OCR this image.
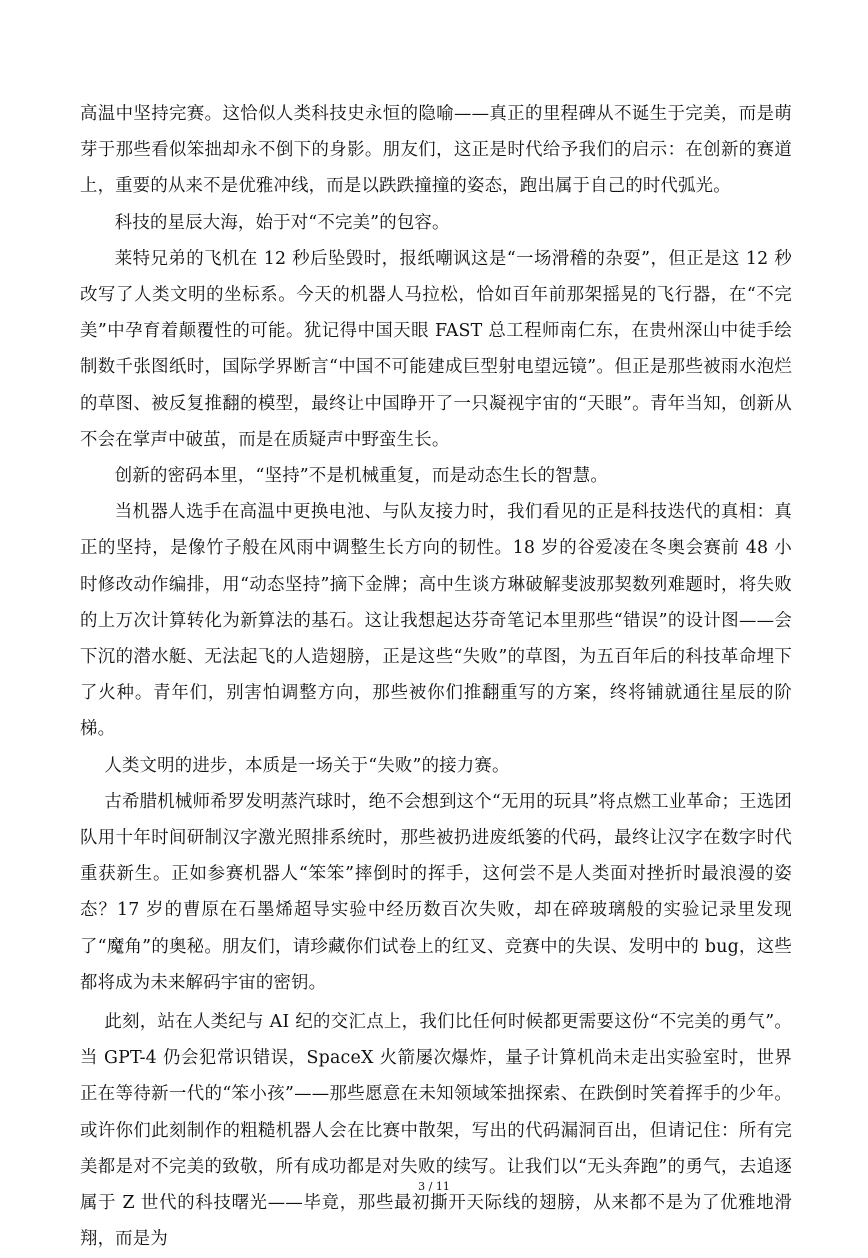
高温中坚持完赛。这恰似人类科技史永恒的隐喻——真正的里程碑从不诞生于完美，而是萌芽于那些看似笨拙却永不倒下的身影。朋友们，这正是时代给予我们的启示：在创新的赛道上，重要的从来不是优雅冲线，而是以跌跌撞撞的姿态，跑出属于自己的时代弧光。

科技的星辰大海，始于对“不完美”的包容。

莱特兄弟的飞机在 12 秒后坠毁时，报纸嘲讽这是“一场滑稽的杂耍”，但正是这 12 秒改写了人类文明的坐标系。今天的机器人马拉松，恰如百年前那架摇晃的飞行器，在“不完美”中孕育着颠覆性的可能。犹记得中国天眼 FAST 总工程师南仁东，在贵州深山中徒手绘制数千张图纸时，国际学界断言“中国不可能建成巨型射电望远镜”。但正是那些被雨水泡烂的草图、被反复推翻的模型，最终让中国睁开了一只凝视宇宙的“天眼”。青年当知，创新从不会在掌声中破茧，而是在质疑声中野蛮生长。

创新的密码本里，“坚持”不是机械重复，而是动态生长的智慧。

当机器人选手在高温中更换电池、与队友接力时，我们看见的正是科技迭代的真相：真正的坚持，是像竹子般在风雨中调整生长方向的韧性。18 岁的谷爱凌在冬奥会赛前 48 小时修改动作编排，用“动态坚持”摘下金牌；高中生谈方琳破解斐波那契数列难题时，将失败的上万次计算转化为新算法的基石。这让我想起达芬奇笔记本里那些“错误”的设计图——会下沉的潜水艇、无法起飞的人造翅膀，正是这些“失败”的草图，为五百年后的科技革命埋下了火种。青年们，别害怕调整方向，那些被你们推翻重写的方案，终将铺就通往星辰的阶梯。

人类文明的进步，本质是一场关于“失败”的接力赛。

古希腊机械师希罗发明蒸汽球时，绝不会想到这个“无用的玩具”将点燃工业革命；王选团队用十年时间研制汉字激光照排系统时，那些被扔进废纸篓的代码，最终让汉字在数字时代重获新生。正如参赛机器人“笨笨”摔倒时的挥手，这何尝不是人类面对挫折时最浪漫的姿态？17 岁的曹原在石墨烯超导实验中经历数百次失败，却在碎玻璃般的实验记录里发现了“魔角”的奥秘。朋友们，请珍藏你们试卷上的红叉、竞赛中的失误、发明中的 bug，这些都将成为未来解码宇宙的密钥。

此刻，站在人类纪与 AI 纪的交汇点上，我们比任何时候都更需要这份“不完美的勇气”。当 GPT-4 仍会犯常识错误，SpaceX 火箭屡次爆炸，量子计算机尚未走出实验室时，世界正在等待新一代的“笨小孩”——那些愿意在未知领域笨拙探索、在跌倒时笑着挥手的少年。或许你们此刻制作的粗糙机器人会在比赛中散架，写出的代码漏洞百出，但请记住：所有完美都是对不完美的致敬，所有成功都是对失败的续写。让我们以“无头奔跑”的勇气，去追逐属于 Z 世代的科技曙光——毕竟，那些最初撕开天际线的翅膀，从来都不是为了优雅地滑翔，而是为

3 / 11
